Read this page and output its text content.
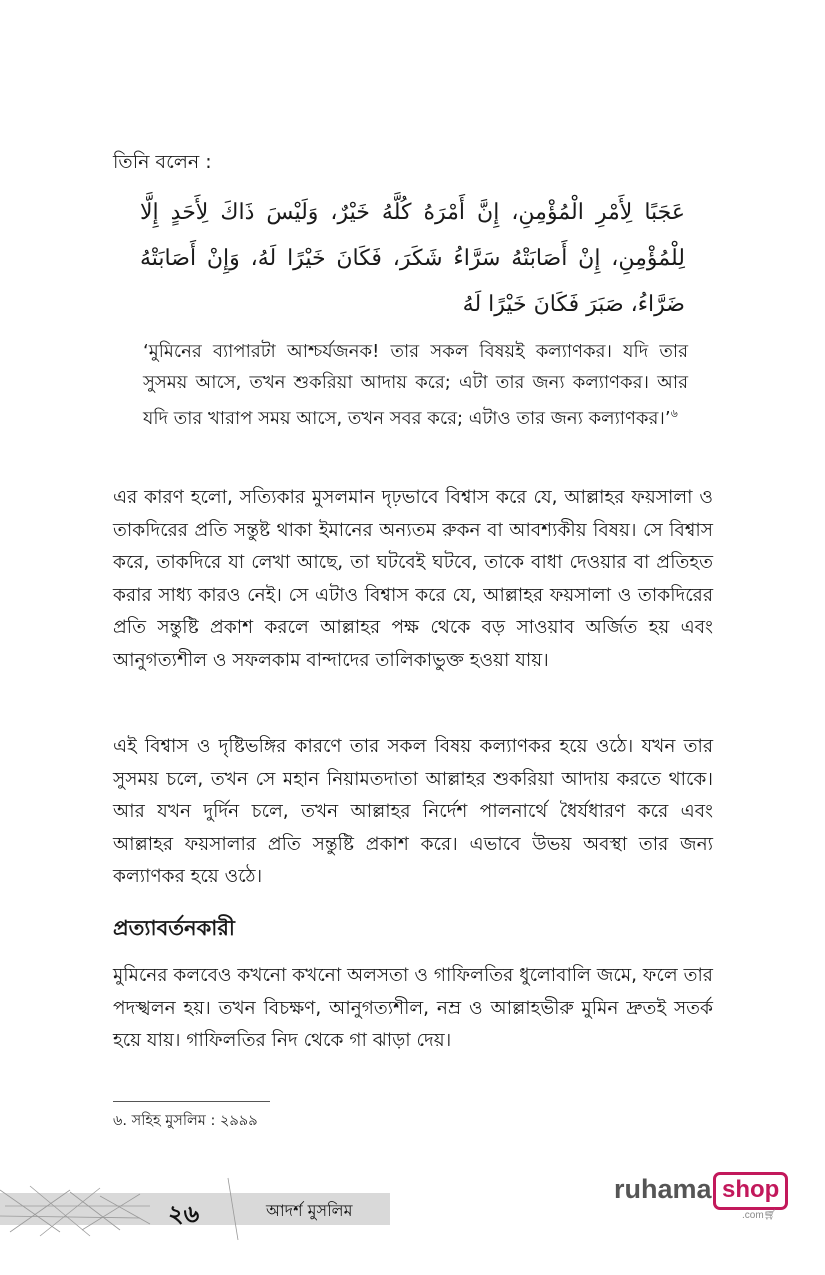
তিনি বলেন :

عَجَبًا لِأَمْرِ الْمُؤْمِنِ، إِنَّ أَمْرَهُ كُلَّهُ خَيْرٌ، وَلَيْسَ ذَاكَ لِأَحَدٍ إِلَّا لِلْمُؤْمِنِ، إِنْ أَصَابَتْهُ سَرَّاءُ شَكَرَ، فَكَانَ خَيْرًا لَهُ، وَإِنْ أَصَابَتْهُ ضَرَّاءُ، صَبَرَ فَكَانَ خَيْرًا لَهُ

‘মুমিনের ব্যাপারটা আশ্চর্যজনক! তার সকল বিষয়ই কল্যাণকর। যদি তার সুসময় আসে, তখন শুকরিয়া আদায় করে; এটা তার জন্য কল্যাণকর। আর যদি তার খারাপ সময় আসে, তখন সবর করে; এটাও তার জন্য কল্যাণকর।’$^৬$

এর কারণ হলো, সত্যিকার মুসলমান দৃঢ়ভাবে বিশ্বাস করে যে, আল্লাহর ফয়সালা ও তাকদিরের প্রতি সন্তুষ্ট থাকা ইমানের অন্যতম রুকন বা আবশ্যকীয় বিষয়। সে বিশ্বাস করে, তাকদিরে যা লেখা আছে, তা ঘটবেই ঘটবে, তাকে বাধা দেওয়ার বা প্রতিহত করার সাধ্য কারও নেই। সে এটাও বিশ্বাস করে যে, আল্লাহর ফয়সালা ও তাকদিরের প্রতি সন্তুষ্টি প্রকাশ করলে আল্লাহর পক্ষ থেকে বড় সাওয়াব অর্জিত হয় এবং আনুগত্যশীল ও সফলকাম বান্দাদের তালিকাভুক্ত হওয়া যায়।

এই বিশ্বাস ও দৃষ্টিভঙ্গির কারণে তার সকল বিষয় কল্যাণকর হয়ে ওঠে। যখন তার সুসময় চলে, তখন সে মহান নিয়ামতদাতা আল্লাহর শুকরিয়া আদায় করতে থাকে। আর যখন দুর্দিন চলে, তখন আল্লাহর নির্দেশ পালনার্থে ধৈর্যধারণ করে এবং আল্লাহর ফয়সালার প্রতি সন্তুষ্টি প্রকাশ করে। এভাবে উভয় অবস্থা তার জন্য কল্যাণকর হয়ে ওঠে।

প্রত্যাবর্তনকারী

মুমিনের কলবেও কখনো কখনো অলসতা ও গাফিলতির ধুলোবালি জমে, ফলে তার পদস্খলন হয়। তখন বিচক্ষণ, আনুগত্যশীল, নম্র ও আল্লাহভীরু মুমিন দ্রুতই সতর্ক হয়ে যায়। গাফিলতির নিদ থেকে গা ঝাড়া দেয়।

৬. সহিহ মুসলিম : ২৯৯৯

২৬	আদর্শ মুসলিম

ruhama shop
.com🛒︎
